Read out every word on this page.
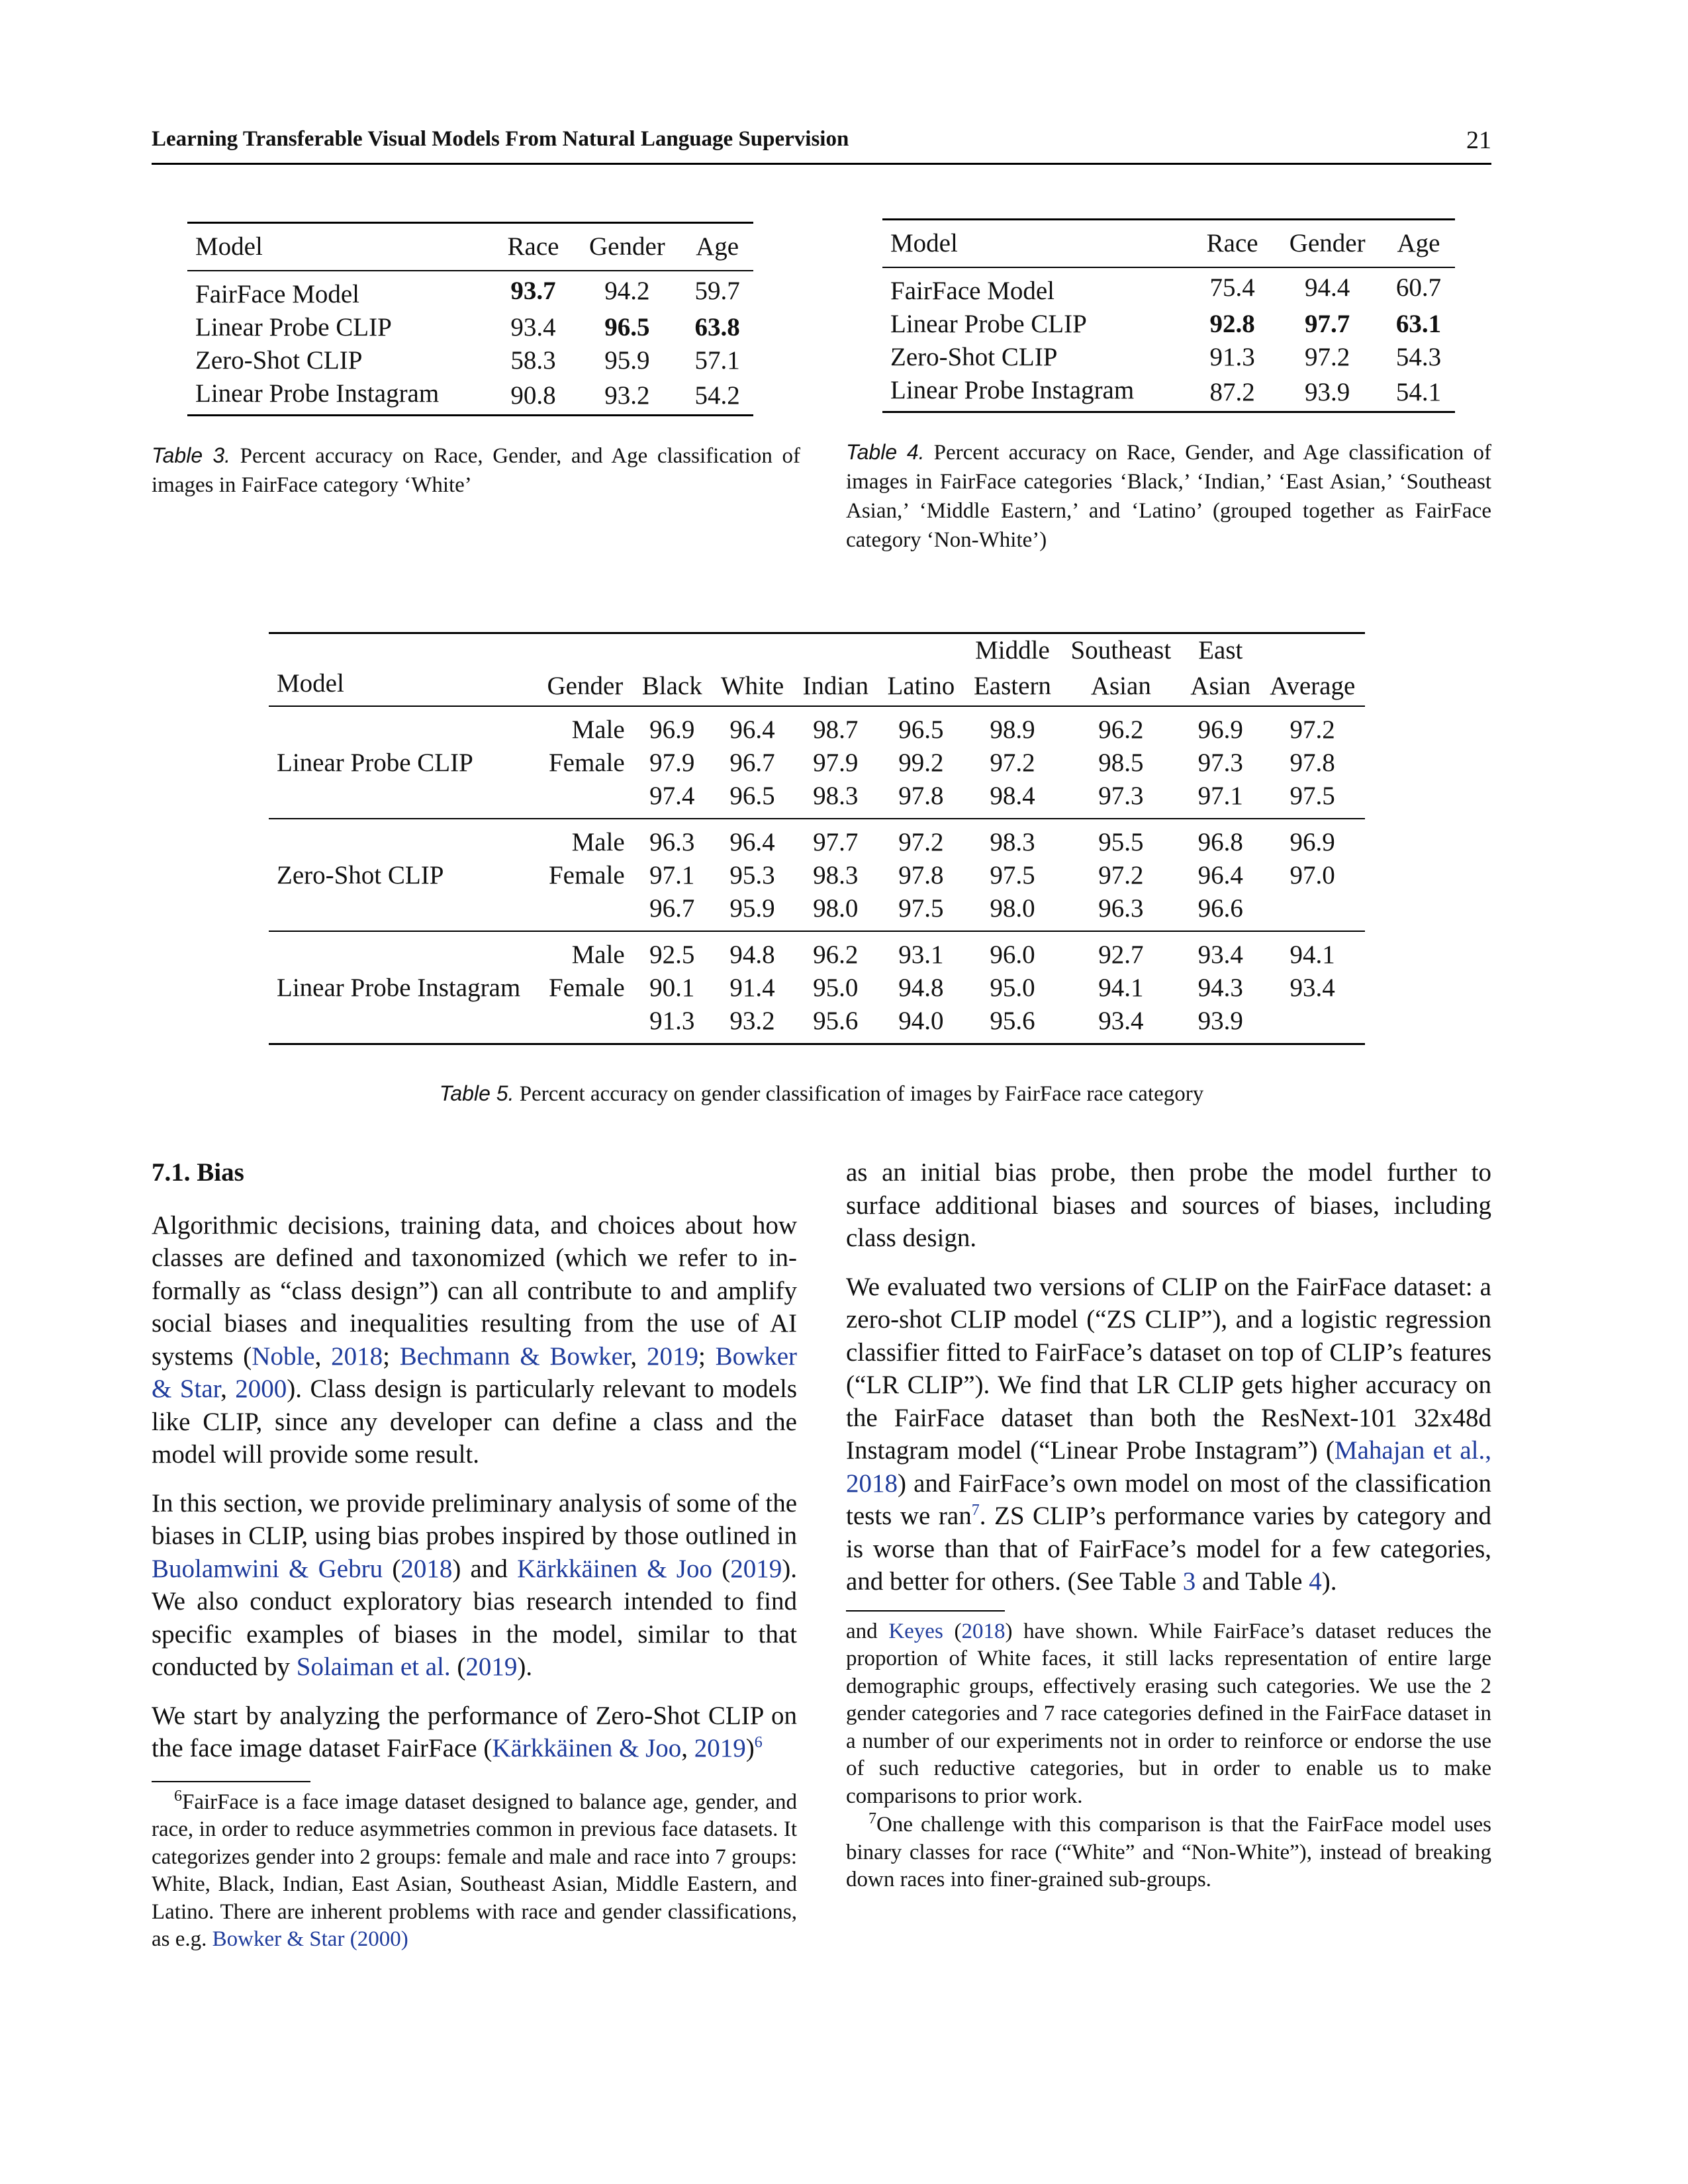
Learning Transferable Visual Models From Natural Language Supervision	21
Model	Race	Gender	Age
FairFace Model	93.7	94.2	59.7
Linear Probe CLIP	93.4	96.5	63.8
Zero-Shot CLIP	58.3	95.9	57.1
Linear Probe Instagram	90.8	93.2	54.2
Table 3. Percent accuracy on Race, Gender, and Age classification of images in FairFace category ‘White’
Model	Race	Gender	Age
FairFace Model	75.4	94.4	60.7
Linear Probe CLIP	92.8	97.7	63.1
Zero-Shot CLIP	91.3	97.2	54.3
Linear Probe Instagram	87.2	93.9	54.1
Table 4. Percent accuracy on Race, Gender, and Age classification of images in FairFace categories ‘Black,’ ‘Indian,’ ‘East Asian,’ ‘Southeast Asian,’ ‘Middle Eastern,’ and ‘Latino’ (grouped together as FairFace category ‘Non-White’)
						Middle	Southeast	East	
Model	Gender	Black	White	Indian	Latino	Eastern	Asian	Asian	Average
	Male	96.9	96.4	98.7	96.5	98.9	96.2	96.9	97.2
Linear Probe CLIP	Female	97.9	96.7	97.9	99.2	97.2	98.5	97.3	97.8
		97.4	96.5	98.3	97.8	98.4	97.3	97.1	97.5
	Male	96.3	96.4	97.7	97.2	98.3	95.5	96.8	96.9
Zero-Shot CLIP	Female	97.1	95.3	98.3	97.8	97.5	97.2	96.4	97.0
		96.7	95.9	98.0	97.5	98.0	96.3	96.6	
	Male	92.5	94.8	96.2	93.1	96.0	92.7	93.4	94.1
Linear Probe Instagram	Female	90.1	91.4	95.0	94.8	95.0	94.1	94.3	93.4
		91.3	93.2	95.6	94.0	95.6	93.4	93.9	
Table 5. Percent accuracy on gender classification of images by FairFace race category
7.1. Bias

Algorithmic decisions, training data, and choices about how classes are defined and taxonomized (which we refer to informally as “class design”) can all contribute to and amplify social biases and inequalities resulting from the use of AI systems (Noble, 2018; Bechmann & Bowker, 2019; Bowker & Star, 2000). Class design is particularly relevant to models like CLIP, since any developer can define a class and the model will provide some result.

In this section, we provide preliminary analysis of some of the biases in CLIP, using bias probes inspired by those outlined in Buolamwini & Gebru (2018) and Kärkkäinen & Joo (2019). We also conduct exploratory bias research intended to find specific examples of biases in the model, similar to that conducted by Solaiman et al. (2019).

We start by analyzing the performance of Zero-Shot CLIP on the face image dataset FairFace (Kärkkäinen & Joo, 2019)$^6$

$^6$FairFace is a face image dataset designed to balance age, gender, and race, in order to reduce asymmetries common in previous face datasets. It categorizes gender into 2 groups: female and male and race into 7 groups: White, Black, Indian, East Asian, Southeast Asian, Middle Eastern, and Latino. There are inherent problems with race and gender classifications, as e.g. Bowker & Star (2000)

as an initial bias probe, then probe the model further to surface additional biases and sources of biases, including class design.

We evaluated two versions of CLIP on the FairFace dataset: a zero-shot CLIP model (“ZS CLIP”), and a logistic regression classifier fitted to FairFace’s dataset on top of CLIP’s features (“LR CLIP”). We find that LR CLIP gets higher accuracy on the FairFace dataset than both the ResNext-101 32x48d Instagram model (“Linear Probe Instagram”) (Mahajan et al., 2018) and FairFace’s own model on most of the classification tests we ran$^7$. ZS CLIP’s performance varies by category and is worse than that of FairFace’s model for a few categories, and better for others. (See Table 3 and Table 4).

and Keyes (2018) have shown. While FairFace’s dataset reduces the proportion of White faces, it still lacks representation of entire large demographic groups, effectively erasing such categories. We use the 2 gender categories and 7 race categories defined in the FairFace dataset in a number of our experiments not in order to reinforce or endorse the use of such reductive categories, but in order to enable us to make comparisons to prior work.

$^7$One challenge with this comparison is that the FairFace model uses binary classes for race (“White” and “Non-White”), instead of breaking down races into finer-grained sub-groups.
